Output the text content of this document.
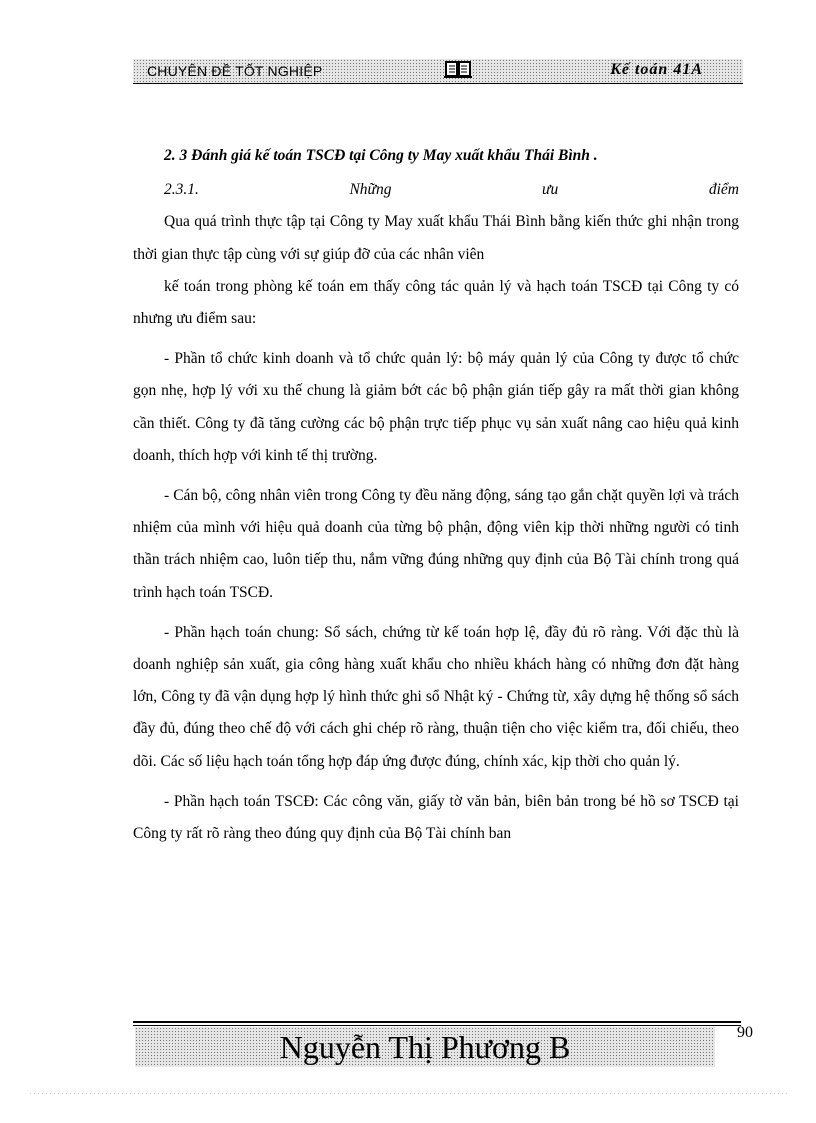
CHUYÊN ĐỀ TỐT NGHIỆP	Kế toán 41A

2. 3 Đánh giá kế toán TSCĐ tại Công ty May xuất khẩu Thái Bình .

2.3.1.	Những	ưu	điểm

Qua quá trình thực tập tại Công ty May xuất khẩu Thái Bình bằng kiến thức ghi nhận trong thời gian thực tập cùng với sự giúp đỡ của các nhân viên

kế toán trong phòng kế toán em thấy công tác quản lý và hạch toán TSCĐ tại Công ty có nhưng ưu điểm sau:

- Phần tổ chức kinh doanh và tổ chức quản lý: bộ máy quản lý của Công ty được tổ chức gọn nhẹ, hợp lý với xu thế chung là giảm bớt các bộ phận gián tiếp gây ra mất thời gian không cần thiết. Công ty đã tăng cường các bộ phận trực tiếp phục vụ sản xuất nâng cao hiệu quả kinh doanh, thích hợp với kinh tế thị trường.

- Cán bộ, công nhân viên trong Công ty đều năng động, sáng tạo gắn chặt quyền lợi và trách nhiệm của mình với hiệu quả doanh của từng bộ phận, động viên kịp thời những người có tinh thần trách nhiệm cao, luôn tiếp thu, nắm vững đúng những quy định của Bộ Tài chính trong quá trình hạch toán TSCĐ.

- Phần hạch toán chung: Sổ sách, chứng từ kế toán hợp lệ, đầy đủ rõ ràng. Với đặc thù là doanh nghiệp sản xuất, gia công hàng xuất khẩu cho nhiều khách hàng có những đơn đặt hàng lớn, Công ty đã vận dụng hợp lý hình thức ghi sổ Nhật ký - Chứng từ, xây dựng hệ thống sổ sách đầy đủ, đúng theo chế độ với cách ghi chép rõ ràng, thuận tiện cho việc kiểm tra, đối chiếu, theo dõi. Các số liệu hạch toán tổng hợp đáp ứng được đúng, chính xác, kịp thời cho quản lý.

- Phần hạch toán TSCĐ: Các công văn, giấy tờ văn bản, biên bản trong bé hồ sơ TSCĐ tại Công ty rất rõ ràng theo đúng quy định của Bộ Tài chính ban

Nguyễn Thị Phương B	90
